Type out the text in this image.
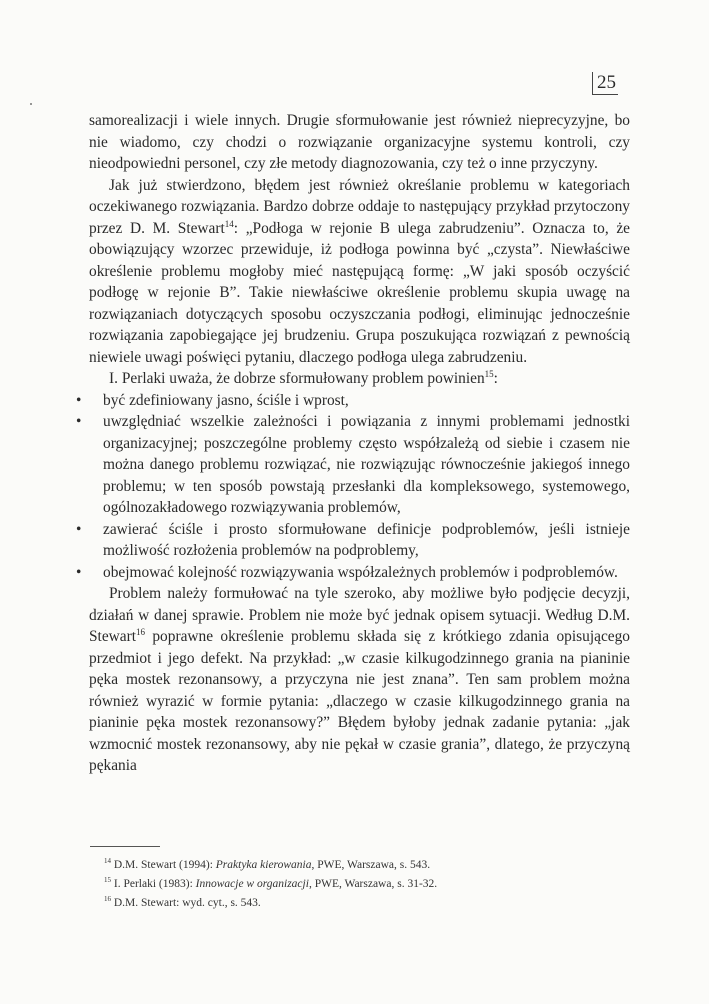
25

samorealizacji i wiele innych. Drugie sformułowanie jest również nieprecyzyjne, bo nie wiadomo, czy chodzi o rozwiązanie organizacyjne systemu kontroli, czy nieodpowiedni personel, czy złe metody diagnozowania, czy też o inne przyczyny.

Jak już stwierdzono, błędem jest również określanie problemu w kategoriach oczekiwanego rozwiązania. Bardzo dobrze oddaje to następujący przykład przytoczony przez D. M. Stewart$^{14}$: „Podłoga w rejonie B ulega zabrudzeniu”. Oznacza to, że obowiązujący wzorzec przewiduje, iż podłoga powinna być „czysta”. Niewłaściwe określenie problemu mogłoby mieć następującą formę: „W jaki sposób oczyścić podłogę w rejonie B”. Takie niewłaściwe określenie problemu skupia uwagę na rozwiązaniach dotyczących sposobu oczyszczania podłogi, eliminując jednocześnie rozwiązania zapobiegające jej brudzeniu. Grupa poszukująca rozwiązań z pewnością niewiele uwagi poświęci pytaniu, dlaczego podłoga ulega zabrudzeniu.

I. Perlaki uważa, że dobrze sformułowany problem powinien$^{15}$:

• być zdefiniowany jasno, ściśle i wprost,
• uwzględniać wszelkie zależności i powiązania z innymi problemami jednostki organizacyjnej; poszczególne problemy często współzależą od siebie i czasem nie można danego problemu rozwiązać, nie rozwiązując równocześnie jakiegoś innego problemu; w ten sposób powstają przesłanki dla kompleksowego, systemowego, ogólnozakładowego rozwiązywania problemów,
• zawierać ściśle i prosto sformułowane definicje podproblemów, jeśli istnieje możliwość rozłożenia problemów na podproblemy,
• obejmować kolejność rozwiązywania współzależnych problemów i podproblemów.

Problem należy formułować na tyle szeroko, aby możliwe było podjęcie decyzji, działań w danej sprawie. Problem nie może być jednak opisem sytuacji. Według D.M. Stewart$^{16}$ poprawne określenie problemu składa się z krótkiego zdania opisującego przedmiot i jego defekt. Na przykład: „w czasie kilkugodzinnego grania na pianinie pęka mostek rezonansowy, a przyczyna nie jest znana”. Ten sam problem można również wyrazić w formie pytania: „dlaczego w czasie kilkugodzinnego grania na pianinie pęka mostek rezonansowy?” Błędem byłoby jednak zadanie pytania: „jak wzmocnić mostek rezonansowy, aby nie pękał w czasie grania”, dlatego, że przyczyną pękania

$^{14}$ D.M. Stewart (1994): Praktyka kierowania, PWE, Warszawa, s. 543.
$^{15}$ I. Perlaki (1983): Innowacje w organizacji, PWE, Warszawa, s. 31-32.
$^{16}$ D.M. Stewart: wyd. cyt., s. 543.
